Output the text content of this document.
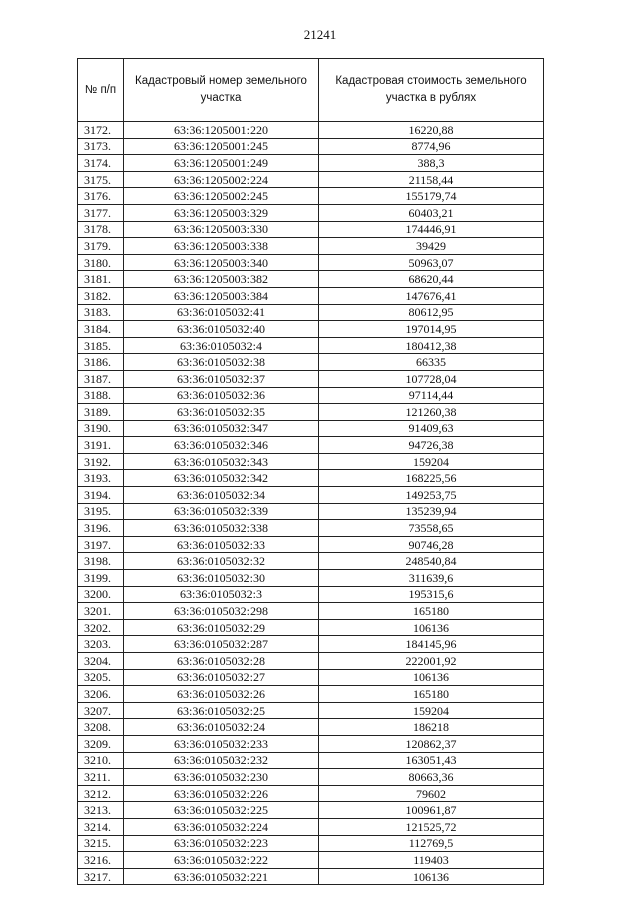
21241
№ п/п	Кадастровый номер земельного участка	Кадастровая стоимость земельного участка в рублях
3172.	63:36:1205001:220	16220,88
3173.	63:36:1205001:245	8774,96
3174.	63:36:1205001:249	388,3
3175.	63:36:1205002:224	21158,44
3176.	63:36:1205002:245	155179,74
3177.	63:36:1205003:329	60403,21
3178.	63:36:1205003:330	174446,91
3179.	63:36:1205003:338	39429
3180.	63:36:1205003:340	50963,07
3181.	63:36:1205003:382	68620,44
3182.	63:36:1205003:384	147676,41
3183.	63:36:0105032:41	80612,95
3184.	63:36:0105032:40	197014,95
3185.	63:36:0105032:4	180412,38
3186.	63:36:0105032:38	66335
3187.	63:36:0105032:37	107728,04
3188.	63:36:0105032:36	97114,44
3189.	63:36:0105032:35	121260,38
3190.	63:36:0105032:347	91409,63
3191.	63:36:0105032:346	94726,38
3192.	63:36:0105032:343	159204
3193.	63:36:0105032:342	168225,56
3194.	63:36:0105032:34	149253,75
3195.	63:36:0105032:339	135239,94
3196.	63:36:0105032:338	73558,65
3197.	63:36:0105032:33	90746,28
3198.	63:36:0105032:32	248540,84
3199.	63:36:0105032:30	311639,6
3200.	63:36:0105032:3	195315,6
3201.	63:36:0105032:298	165180
3202.	63:36:0105032:29	106136
3203.	63:36:0105032:287	184145,96
3204.	63:36:0105032:28	222001,92
3205.	63:36:0105032:27	106136
3206.	63:36:0105032:26	165180
3207.	63:36:0105032:25	159204
3208.	63:36:0105032:24	186218
3209.	63:36:0105032:233	120862,37
3210.	63:36:0105032:232	163051,43
3211.	63:36:0105032:230	80663,36
3212.	63:36:0105032:226	79602
3213.	63:36:0105032:225	100961,87
3214.	63:36:0105032:224	121525,72
3215.	63:36:0105032:223	112769,5
3216.	63:36:0105032:222	119403
3217.	63:36:0105032:221	106136
